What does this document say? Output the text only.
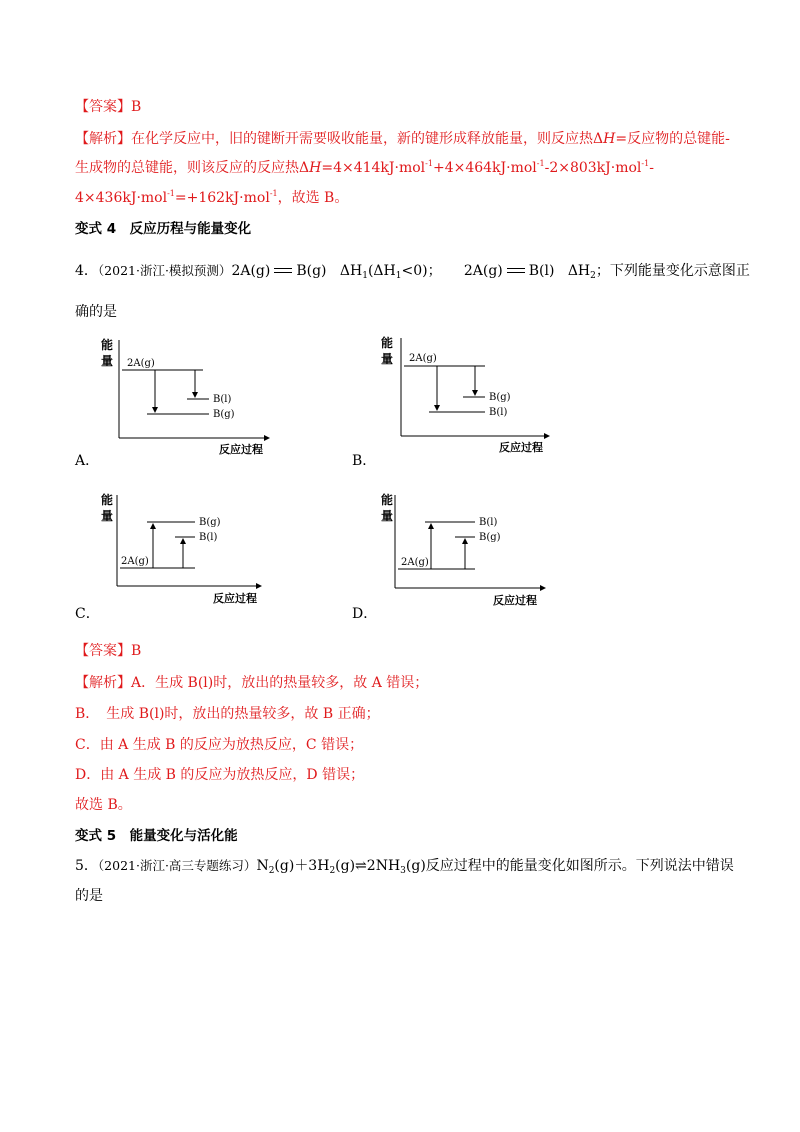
【答案】B
【解析】在化学反应中，旧的键断开需要吸收能量，新的键形成释放能量，则反应热ΔH=反应物的总键能-
生成物的总键能，则该反应的反应热ΔH=4×414kJ·mol$^{-1}$+4×464kJ·mol$^{-1}$-2×803kJ·mol$^{-1}$-
4×436kJ·mol$^{-1}$=+162kJ·mol$^{-1}$，故选 B。
变式 4　反应历程与能量变化
4．（2021·浙江·模拟预测）2A(g) B(g) $\Delta H_1(\Delta H_1<0)$； 2A(g) B(l) $\Delta H_2$；下列能量变化示意图正
确的是
能
量
反应过程
2A(g)
B(l)
B(g)
A．
能
量
反应过程
2A(g)
B(g)
B(l)
B．
能
量
反应过程
2A(g)
B(g)
B(l)
C．
能
量
反应过程
2A(g)
B(l)
B(g)
D．
【答案】B
【解析】A．生成 B(l)时，放出的热量较多，故 A 错误；
B．　生成 B(l)时，放出的热量较多，故 B 正确；
C．由 A 生成 B 的反应为放热反应，C 错误；
D．由 A 生成 B 的反应为放热反应，D 错误；
故选 B。
变式 5　能量变化与活化能
5．（2021·浙江·高三专题练习）$N_2(g)+3H_2(g)\rightleftharpoons 2NH_3(g)$反应过程中的能量变化如图所示。下列说法中错误
的是
